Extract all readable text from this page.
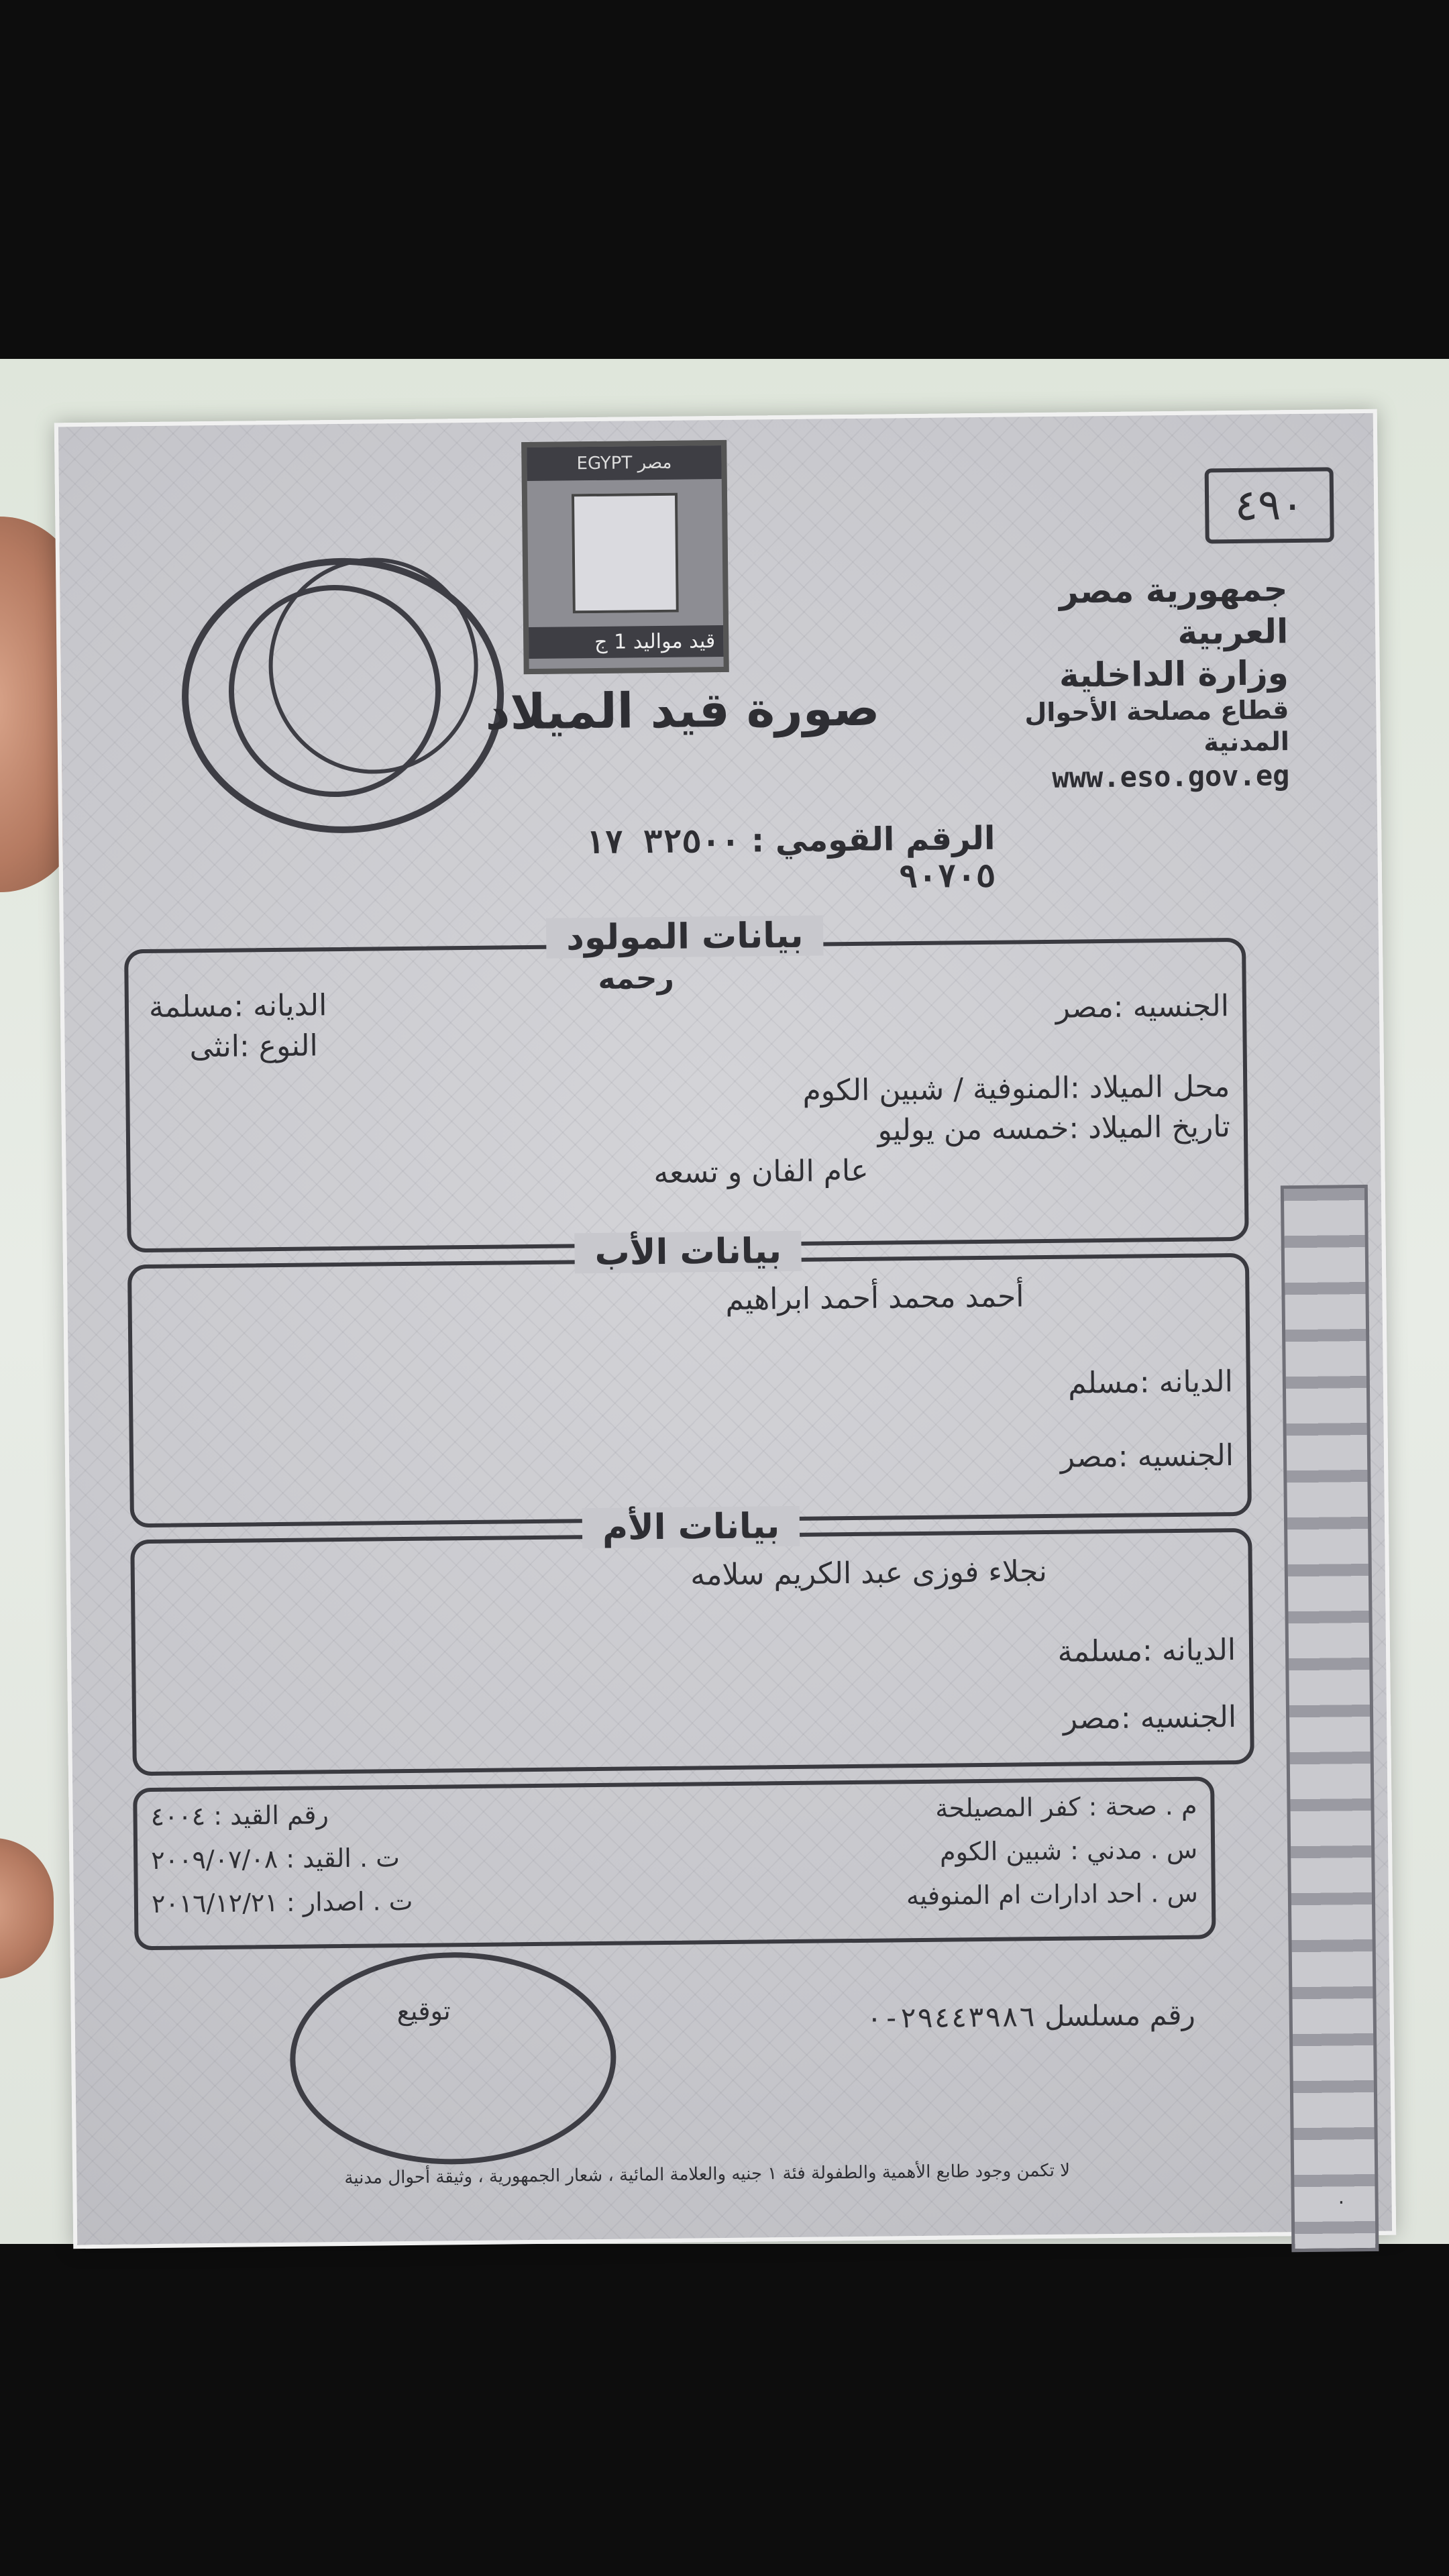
٤٩٠
جمهورية مصر العربية
وزارة الداخلية
قطاع مصلحة الأحوال المدنية
www.eso.gov.eg
مصر EGYPT
قيد مواليد 1 ج
صورة قيد الميلاد
الرقم القومي : ٣٢٥٠٠ ١٧ ٩٠٧٠٥
بيانات المولود
رحمه
الجنسيه :مصر
الديانه :مسلمة
النوع :انثى
محل الميلاد :المنوفية / شبين الكوم
تاريخ الميلاد :خمسه من يوليو
عام الفان و تسعه
بيانات الأب
أحمد محمد أحمد ابراهيم
الديانه :مسلم
الجنسيه :مصر
بيانات الأم
نجلاء فوزى عبد الكريم سلامه
الديانه :مسلمة
الجنسيه :مصر
م . صحة : كفر المصيلحة
س . مدني : شبين الكوم
س . احد ادارات ام المنوفيه
رقم القيد : ٤٠٠٤
ت . القيد : ٢٠٠٩/٠٧/٠٨
ت . اصدار : ٢٠١٦/١٢/٢١
رقم مسلسل ٢٩٤٤٣٩٨٦-٠
توقيع
لا تكمن وجود طابع الأهمية والطفولة فئة ١ جنيه والعلامة المائية ، شعار الجمهورية ، وثيقة أحوال مدنية
·
